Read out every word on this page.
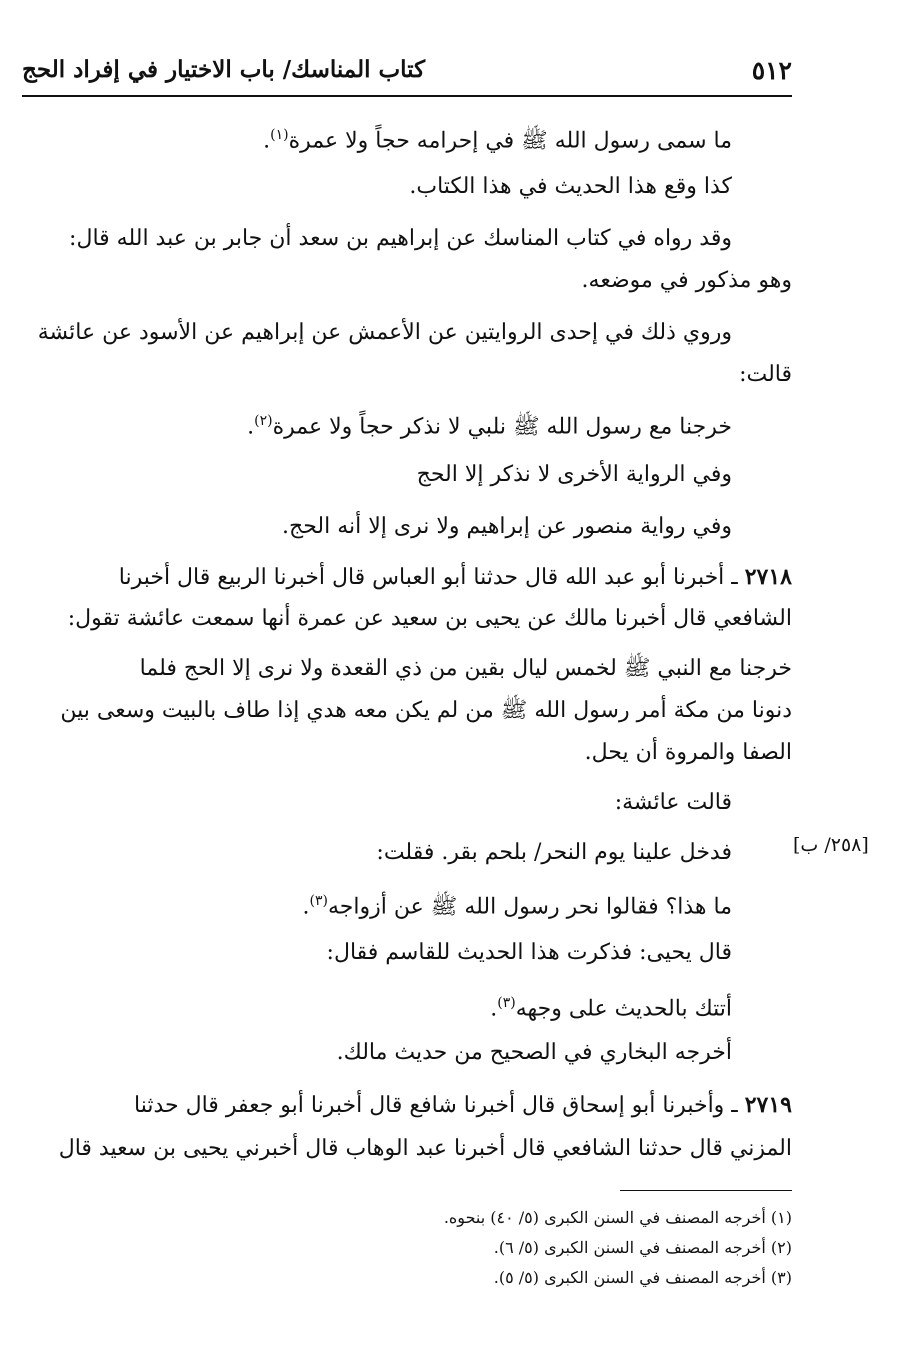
٥١٢
كتاب المناسك/ باب الاختيار في إفراد الحج
ما سمى رسول الله ﷺ في إحرامه حجاً ولا عمرة$^{(١)}$.
كذا وقع هذا الحديث في هذا الكتاب.
وقد رواه في كتاب المناسك عن إبراهيم بن سعد أن جابر بن عبد الله قال:
وهو مذكور في موضعه.
وروي ذلك في إحدى الروايتين عن الأعمش عن إبراهيم عن الأسود عن عائشة
قالت:
خرجنا مع رسول الله ﷺ نلبي لا نذكر حجاً ولا عمرة$^{(٢)}$.
وفي الرواية الأخرى لا نذكر إلا الحج
وفي رواية منصور عن إبراهيم ولا نرى إلا أنه الحج.
٢٧١٨ ـ أخبرنا أبو عبد الله قال حدثنا أبو العباس قال أخبرنا الربيع قال أخبرنا
الشافعي قال أخبرنا مالك عن يحيى بن سعيد عن عمرة أنها سمعت عائشة تقول:
خرجنا مع النبي ﷺ لخمس ليال بقين من ذي القعدة ولا نرى إلا الحج فلما
دنونا من مكة أمر رسول الله ﷺ من لم يكن معه هدي إذا طاف بالبيت وسعى بين
الصفا والمروة أن يحل.
قالت عائشة:
فدخل علينا يوم النحر/ بلحم بقر. فقلت:
ما هذا؟ فقالوا نحر رسول الله ﷺ عن أزواجه$^{(٣)}$.
قال يحيى: فذكرت هذا الحديث للقاسم فقال:
أتتك بالحديث على وجهه$^{(٣)}$.
أخرجه البخاري في الصحيح من حديث مالك.
٢٧١٩ ـ وأخبرنا أبو إسحاق قال أخبرنا شافع قال أخبرنا أبو جعفر قال حدثنا
المزني قال حدثنا الشافعي قال أخبرنا عبد الوهاب قال أخبرني يحيى بن سعيد قال
[٢٥٨/ ب]
(١) أخرجه المصنف في السنن الكبرى (٥/ ٤٠) بنحوه.
(٢) أخرجه المصنف في السنن الكبرى (٥/ ٦).
(٣) أخرجه المصنف في السنن الكبرى (٥/ ٥).
